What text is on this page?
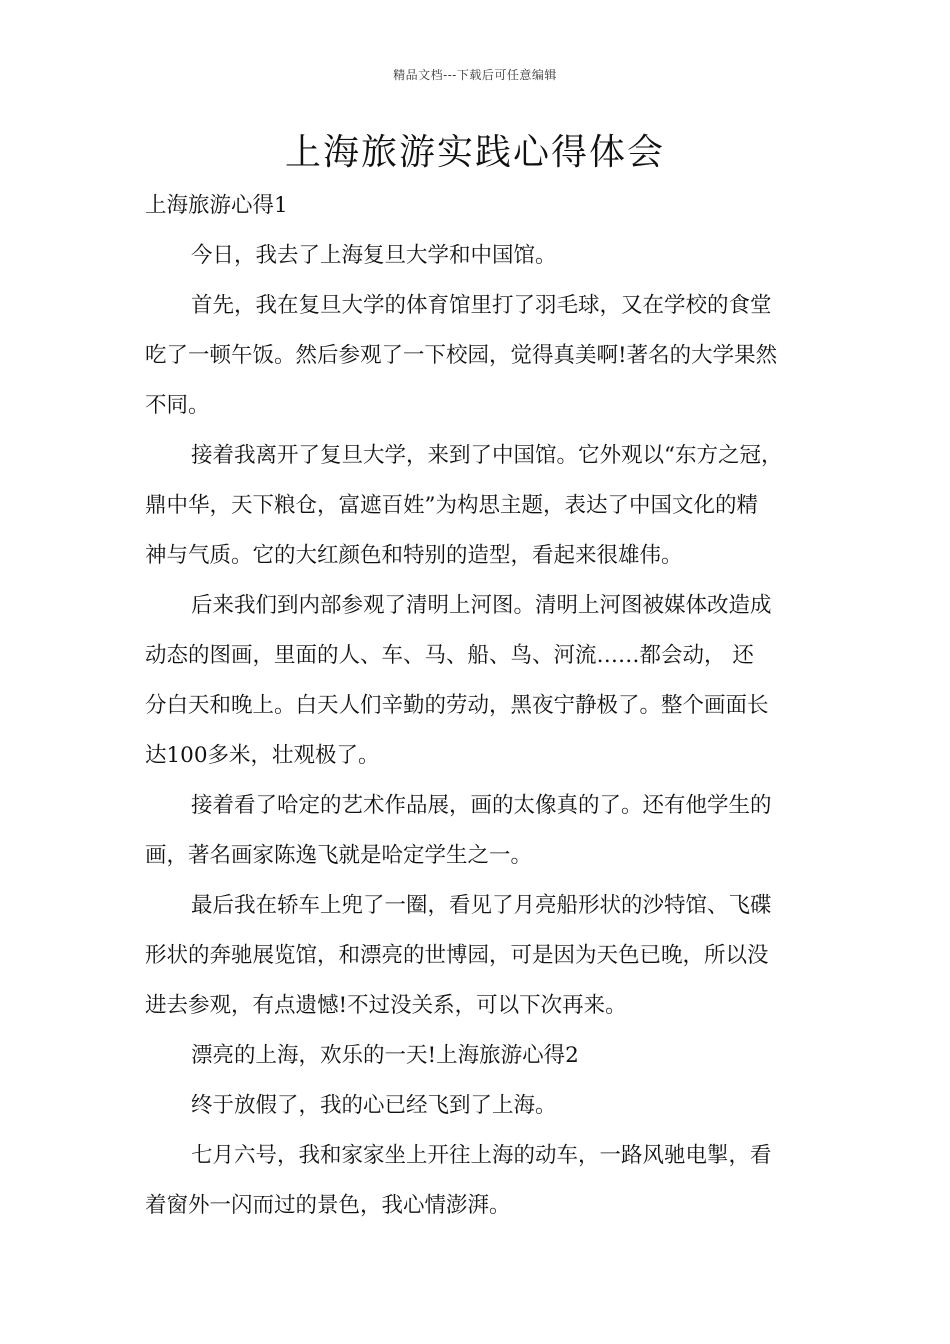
精品文档---下载后可任意编辑
上海旅游实践心得体会

上海旅游心得1

今日，我去了上海复旦大学和中国馆。

首先，我在复旦大学的体育馆里打了羽毛球，又在学校的食堂

吃了一顿午饭。然后参观了一下校园，觉得真美啊!著名的大学果然

不同。

接着我离开了复旦大学，来到了中国馆。它外观以“东方之冠，

鼎中华，天下粮仓，富遮百姓”为构思主题，表达了中国文化的精

神与气质。它的大红颜色和特别的造型，看起来很雄伟。

后来我们到内部参观了清明上河图。清明上河图被媒体改造成

动态的图画，里面的人、车、马、船、鸟、河流……都会动， 还

分白天和晚上。白天人们辛勤的劳动，黑夜宁静极了。整个画面长

达100多米，壮观极了。

接着看了哈定的艺术作品展，画的太像真的了。还有他学生的

画，著名画家陈逸飞就是哈定学生之一。

最后我在轿车上兜了一圈，看见了月亮船形状的沙特馆、飞碟

形状的奔驰展览馆，和漂亮的世博园，可是因为天色已晚，所以没

进去参观，有点遗憾!不过没关系，可以下次再来。

漂亮的上海，欢乐的一天!上海旅游心得2

终于放假了，我的心已经飞到了上海。

七月六号，我和家家坐上开往上海的动车，一路风驰电掣，看

着窗外一闪而过的景色，我心情澎湃。
